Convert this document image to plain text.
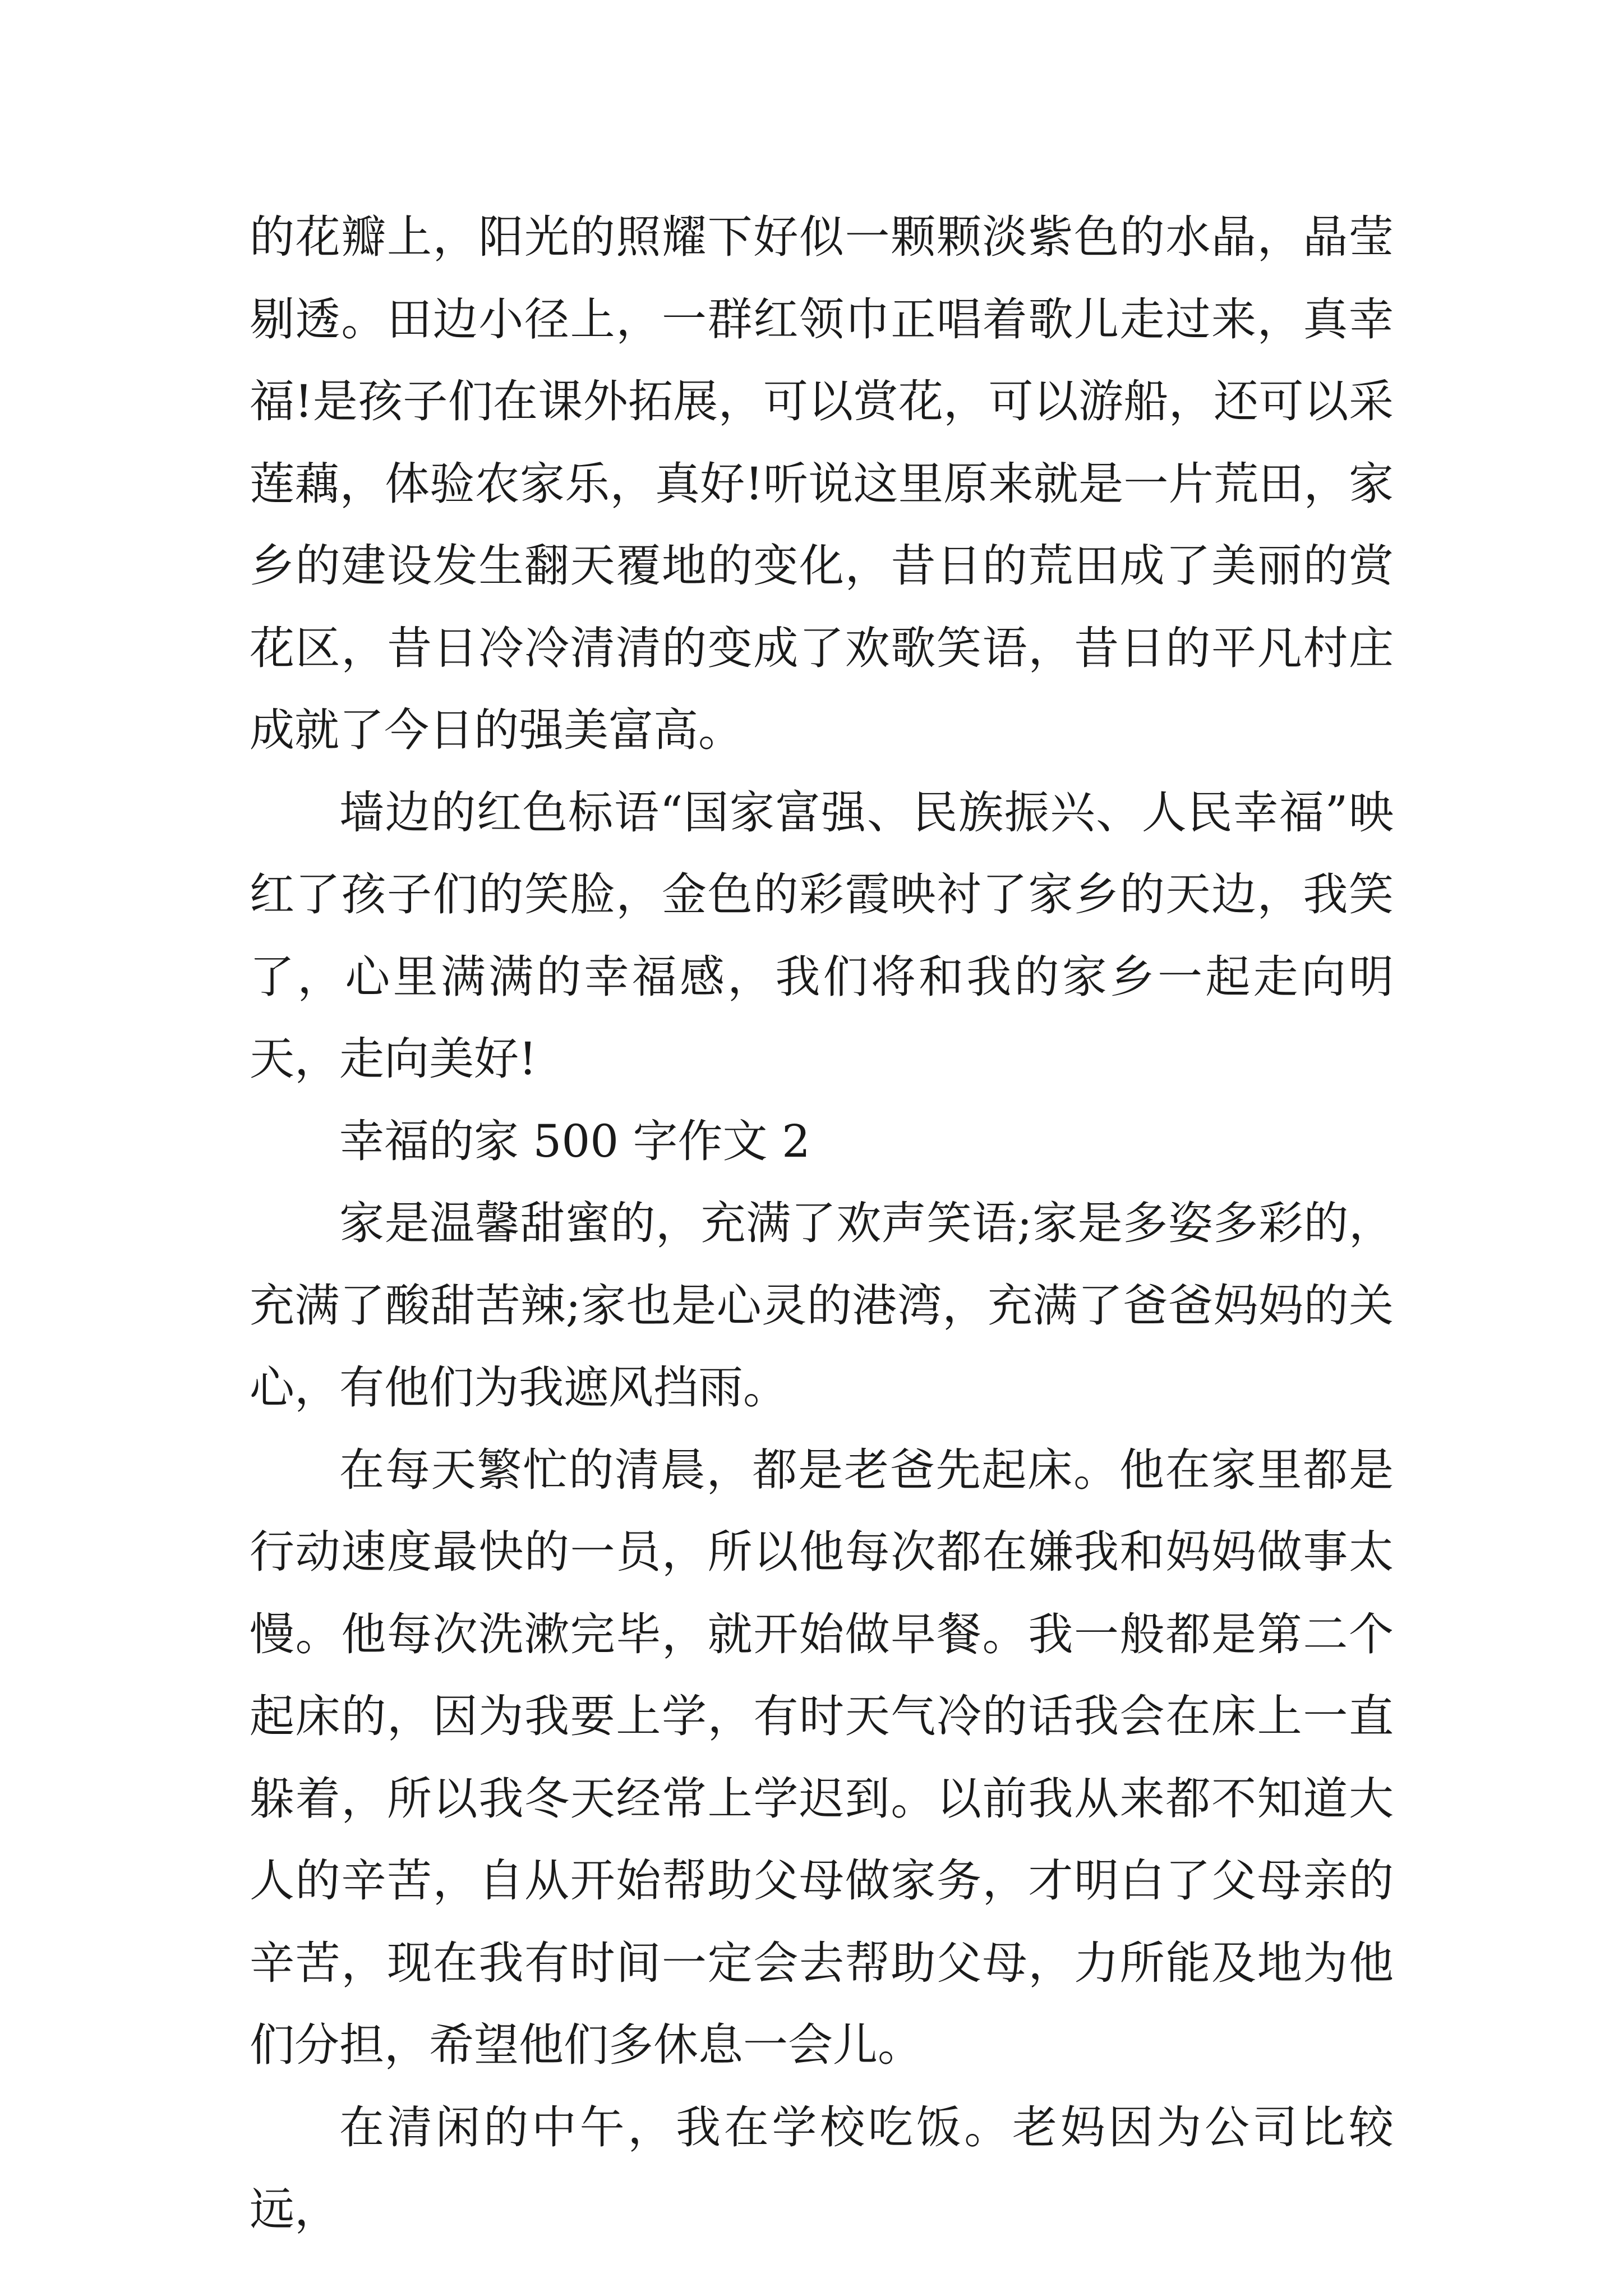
的花瓣上，阳光的照耀下好似一颗颗淡紫色的水晶，晶莹剔透。田边小径上，一群红领巾正唱着歌儿走过来，真幸福!是孩子们在课外拓展，可以赏花，可以游船，还可以采莲藕，体验农家乐，真好!听说这里原来就是一片荒田，家乡的建设发生翻天覆地的变化，昔日的荒田成了美丽的赏花区，昔日冷冷清清的变成了欢歌笑语，昔日的平凡村庄成就了今日的强美富高。

墙边的红色标语“国家富强、民族振兴、人民幸福”映红了孩子们的笑脸，金色的彩霞映衬了家乡的天边，我笑了，心里满满的幸福感，我们将和我的家乡一起走向明天，走向美好!

幸福的家 500 字作文 2

家是温馨甜蜜的，充满了欢声笑语;家是多姿多彩的，充满了酸甜苦辣;家也是心灵的港湾，充满了爸爸妈妈的关心，有他们为我遮风挡雨。

在每天繁忙的清晨，都是老爸先起床。他在家里都是行动速度最快的一员，所以他每次都在嫌我和妈妈做事太慢。他每次洗漱完毕，就开始做早餐。我一般都是第二个起床的，因为我要上学，有时天气冷的话我会在床上一直躲着，所以我冬天经常上学迟到。以前我从来都不知道大人的辛苦，自从开始帮助父母做家务，才明白了父母亲的辛苦，现在我有时间一定会去帮助父母，力所能及地为他们分担，希望他们多休息一会儿。

在清闲的中午，我在学校吃饭。老妈因为公司比较远，
